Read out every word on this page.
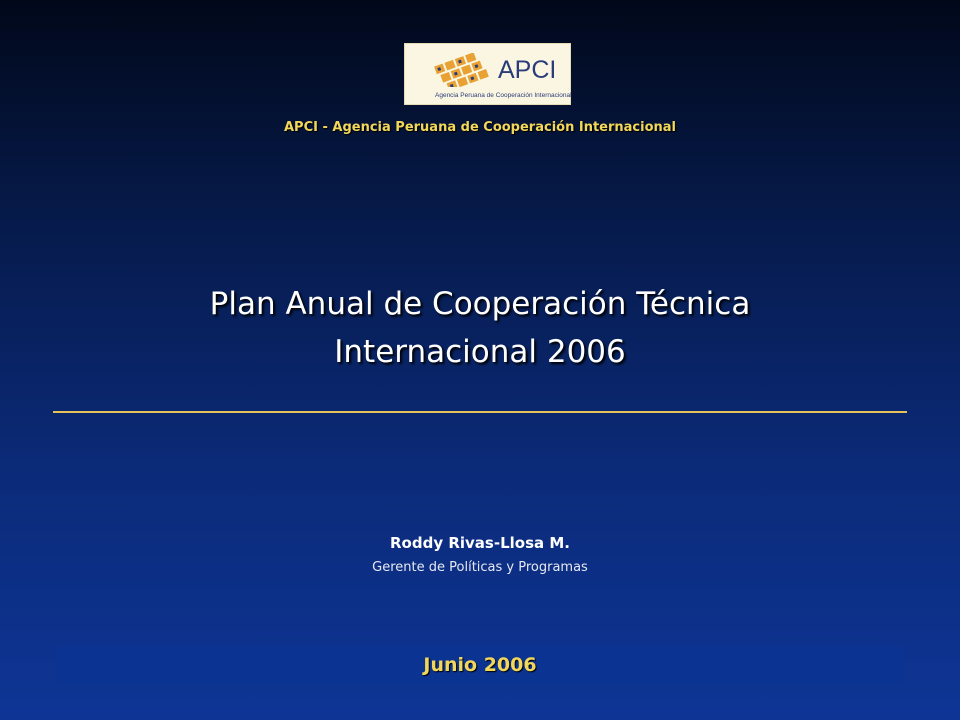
APCI
Agencia Peruana de Cooperación Internacional
APCI - Agencia Peruana de Cooperación Internacional
Plan Anual de Cooperación Técnica
Internacional 2006
Roddy Rivas-Llosa M.
Gerente de Políticas y Programas
Junio 2006
